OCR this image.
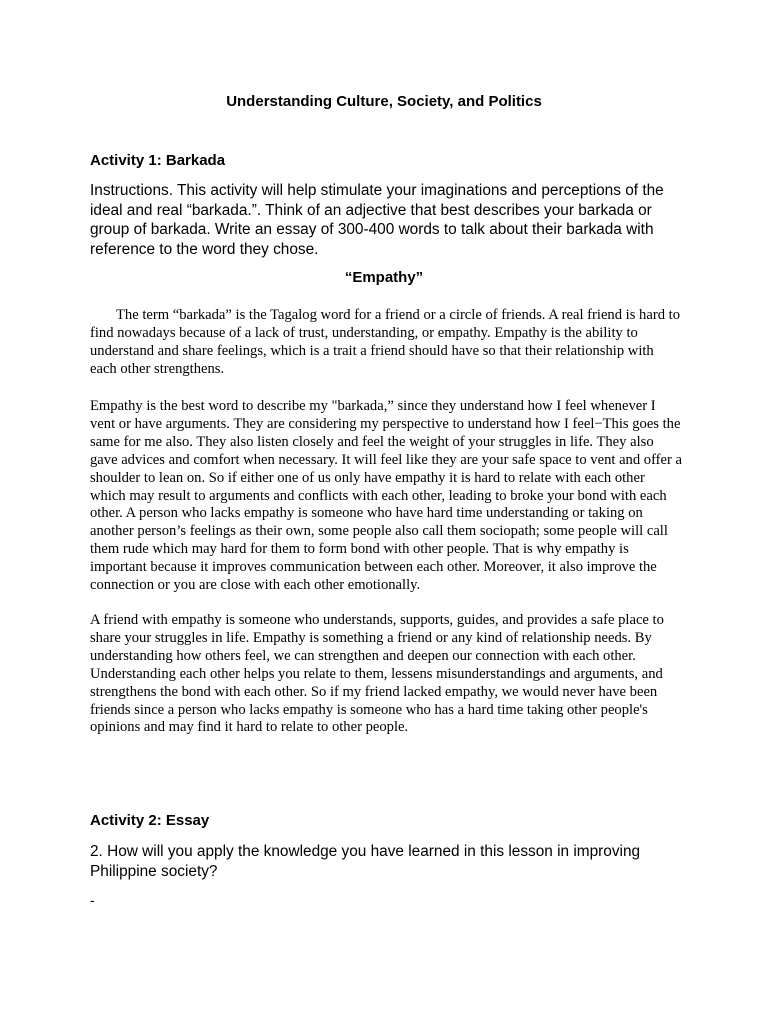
Understanding Culture, Society, and Politics
Activity 1: Barkada

Instructions. This activity will help stimulate your imaginations and perceptions of the ideal and real “barkada.”. Think of an adjective that best describes your barkada or group of barkada. Write an essay of 300-400 words to talk about their barkada with reference to the word they chose.

“Empathy”

The term “barkada” is the Tagalog word for a friend or a circle of friends. A real friend is hard to find nowadays because of a lack of trust, understanding, or empathy. Empathy is the ability to understand and share feelings, which is a trait a friend should have so that their relationship with each other strengthens.

Empathy is the best word to describe my "barkada,” since they understand how I feel whenever I vent or have arguments. They are considering my perspective to understand how I feel−This goes the same for me also. They also listen closely and feel the weight of your struggles in life. They also gave advices and comfort when necessary. It will feel like they are your safe space to vent and offer a shoulder to lean on. So if either one of us only have empathy it is hard to relate with each other which may result to arguments and conflicts with each other, leading to broke your bond with each other. A person who lacks empathy is someone who have hard time understanding or taking on another person’s feelings as their own, some people also call them sociopath; some people will call them rude which may hard for them to form bond with other people. That is why empathy is important because it improves communication between each other. Moreover, it also improve the connection or you are close with each other emotionally.

A friend with empathy is someone who understands, supports, guides, and provides a safe place to share your struggles in life. Empathy is something a friend or any kind of relationship needs. By understanding how others feel, we can strengthen and deepen our connection with each other. Understanding each other helps you relate to them, lessens misunderstandings and arguments, and strengthens the bond with each other. So if my friend lacked empathy, we would never have been friends since a person who lacks empathy is someone who has a hard time taking other people's opinions and may find it hard to relate to other people.

Activity 2: Essay

2. How will you apply the knowledge you have learned in this lesson in improving Philippine society?

-
